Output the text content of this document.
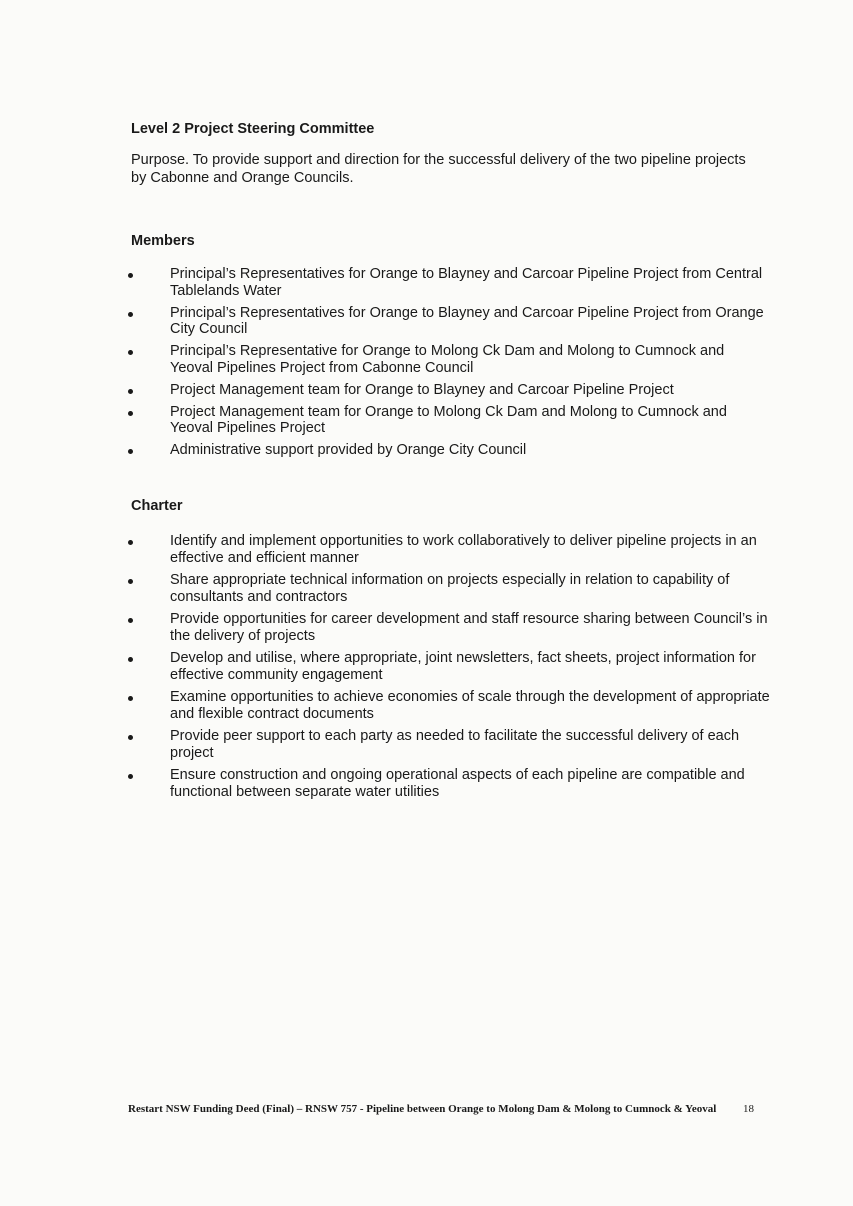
Level 2 Project Steering Committee

Purpose. To provide support and direction for the successful delivery of the two pipeline projects by Cabonne and Orange Councils.

Members
Principal’s Representatives for Orange to Blayney and Carcoar Pipeline Project from Central Tablelands Water
Principal’s Representatives for Orange to Blayney and Carcoar Pipeline Project from Orange City Council
Principal’s Representative for Orange to Molong Ck Dam and Molong to Cumnock and Yeoval Pipelines Project from Cabonne Council
Project Management team for Orange to Blayney and Carcoar Pipeline Project
Project Management team for Orange to Molong Ck Dam and Molong to Cumnock and Yeoval Pipelines Project
Administrative support provided by Orange City Council
Charter
Identify and implement opportunities to work collaboratively to deliver pipeline projects in an effective and efficient manner
Share appropriate technical information on projects especially in relation to capability of consultants and contractors
Provide opportunities for career development and staff resource sharing between Council’s in the delivery of projects
Develop and utilise, where appropriate, joint newsletters, fact sheets, project information for effective community engagement
Examine opportunities to achieve economies of scale through the development of appropriate and flexible contract documents
Provide peer support to each party as needed to facilitate the successful delivery of each project
Ensure construction and ongoing operational aspects of each pipeline are compatible and functional between separate water utilities
Restart NSW Funding Deed (Final) – RNSW 757 - Pipeline between Orange to Molong Dam & Molong to Cumnock & Yeoval 18
